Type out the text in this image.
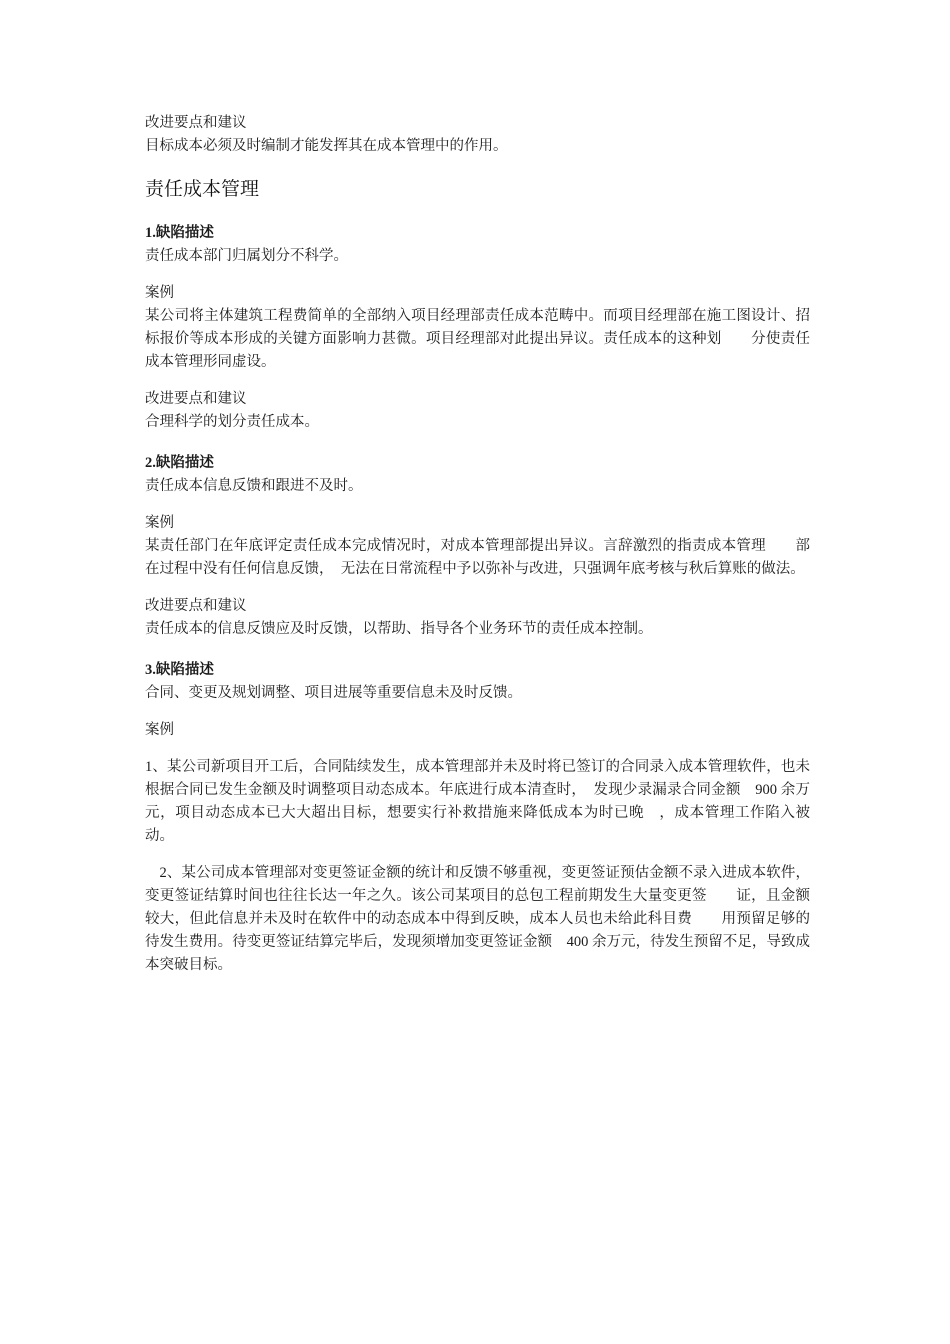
改进要点和建议

目标成本必须及时编制才能发挥其在成本管理中的作用。

责任成本管理

1.缺陷描述

责任成本部门归属划分不科学。

案例

某公司将主体建筑工程费简单的全部纳入项目经理部责任成本范畴中。而项目经理部在施工图设计、招标报价等成本形成的关键方面影响力甚微。项目经理部对此提出异议。责任成本的这种划　　分使责任成本管理形同虚设。

改进要点和建议

合理科学的划分责任成本。

2.缺陷描述

责任成本信息反馈和跟进不及时。

案例

某责任部门在年底评定责任成本完成情况时，对成本管理部提出异议。言辞激烈的指责成本管理　　部在过程中没有任何信息反馈，　无法在日常流程中予以弥补与改进，只强调年底考核与秋后算账的做法。

改进要点和建议

责任成本的信息反馈应及时反馈，以帮助、指导各个业务环节的责任成本控制。

3.缺陷描述

合同、变更及规划调整、项目进展等重要信息未及时反馈。

案例

1、某公司新项目开工后，合同陆续发生，成本管理部并未及时将已签订的合同录入成本管理软件，也未根据合同已发生金额及时调整项目动态成本。年底进行成本清查时，　发现少录漏录合同金额　900 余万元，项目动态成本已大大超出目标，想要实行补救措施来降低成本为时已晚　，成本管理工作陷入被动。

2、某公司成本管理部对变更签证金额的统计和反馈不够重视，变更签证预估金额不录入进成本软件，变更签证结算时间也往往长达一年之久。该公司某项目的总包工程前期发生大量变更签　　证，且金额较大，但此信息并未及时在软件中的动态成本中得到反映，成本人员也未给此科目费　　用预留足够的待发生费用。待变更签证结算完毕后，发现须增加变更签证金额　400 余万元，待发生预留不足，导致成本突破目标。
